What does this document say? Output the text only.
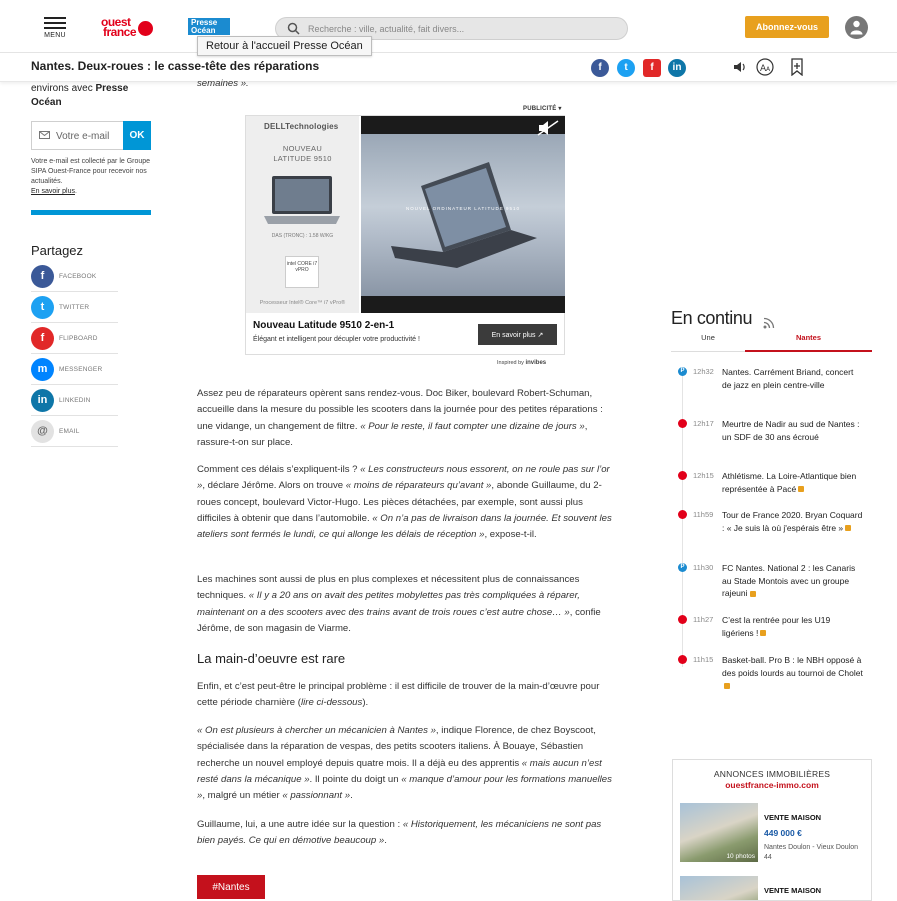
MENU
ouest
france
Presse
Océan
Recherche : ville, actualité, fait divers...	Abonnez-vous
Nantes. Deux-roues : le casse-tête des réparations	f	t	f	in	A A
Retour à l'accueil Presse Océan
environs avec Presse
Océan
Votre e-mail
OK
Votre e-mail est collecté par le Groupe SIPA Ouest-France pour recevoir nos actualités.
En savoir plus.
Partagez
f	FACEBOOK
t	TWITTER
f	FLIPBOARD
m	MESSENGER
in	LINKEDIN
@	EMAIL
PUBLICITÉ ▾
DELLTechnologies
NOUVEAU
LATITUDE 9510
DAS (TRONC) : 1.58 W/KG
intel CORE i7 vPRO
Processeur Intel® Core™ i7 vPro®
NOUVEL ORDINATEUR LATITUDE 9510
Nouveau Latitude 9510 2-en-1
Élégant et intelligent pour décupler votre productivité !
En savoir plus ↗
Inspired by invibes
semaines ».
Assez peu de réparateurs opèrent sans rendez-vous. Doc Biker, boulevard Robert-Schuman, accueille dans la mesure du possible les scooters dans la journée pour des petites réparations : une vidange, un changement de filtre. « Pour le reste, il faut compter une dizaine de jours », rassure-t-on sur place.
Comment ces délais s’expliquent-ils ? « Les constructeurs nous essorent, on ne roule pas sur l’or », déclare Jérôme. Alors on trouve « moins de réparateurs qu’avant », abonde Guillaume, du 2-roues concept, boulevard Victor-Hugo. Les pièces détachées, par exemple, sont aussi plus difficiles à obtenir que dans l’automobile. « On n’a pas de livraison dans la journée. Et souvent les ateliers sont fermés le lundi, ce qui allonge les délais de réception », expose-t-il.
Les machines sont aussi de plus en plus complexes et nécessitent plus de connaissances techniques. « Il y a 20 ans on avait des petites mobylettes pas très compliquées à réparer, maintenant on a des scooters avec des trains avant de trois roues c’est autre chose… », confie Jérôme, de son magasin de Viarme.
La main-d’oeuvre est rare
Enfin, et c’est peut-être le principal problème : il est difficile de trouver de la main-d’œuvre pour cette période charnière (lire ci-dessous).
« On est plusieurs à chercher un mécanicien à Nantes », indique Florence, de chez Boyscoot, spécialisée dans la réparation de vespas, des petits scooters italiens. À Bouaye, Sébastien recherche un nouvel employé depuis quatre mois. Il a déjà eu des apprentis « mais aucun n’est resté dans la mécanique ». Il pointe du doigt un « manque d’amour pour les formations manuelles », malgré un métier « passionnant ».
Guillaume, lui, a une autre idée sur la question : « Historiquement, les mécaniciens ne sont pas bien payés. Ce qui en démotive beaucoup ».
#Nantes
En continu
Une	Nantes
P	12h32 Nantes. Carrément Briand, concert de jazz en plein centre-ville
12h17 Meurtre de Nadir au sud de Nantes : un SDF de 30 ans écroué
12h15 Athlétisme. La Loire-Atlantique bien représentée à Pacé
11h59 Tour de France 2020. Bryan Coquard : « Je suis là où j'espérais être »
P	11h30 FC Nantes. National 2 : les Canaris au Stade Montois avec un groupe rajeuni
11h27 C’est la rentrée pour les U19 ligériens !
11h15 Basket-ball. Pro B : le NBH opposé à des poids lourds au tournoi de Cholet
ANNONCES IMMOBILIÈRES
ouestfrance-immo.com
10 photos
VENTE MAISON
449 000 €
Nantes Doulon - Vieux Doulon 44
VENTE MAISON
